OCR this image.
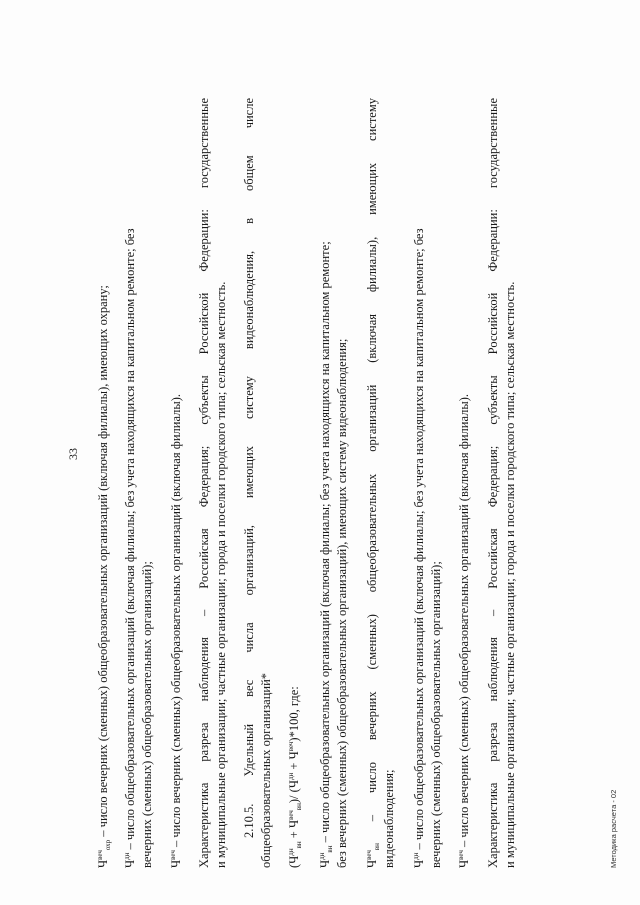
33
$Ч^{веч}_{охр}$ – число вечерних (сменных) общеобразовательных организаций (включая филиалы), имеющих охрану;
$Ч^{дн}$ – число общеобразовательных организаций (включая филиалы; без учета находящихся на капитальном ремонте; без вечерних (сменных) общеобразовательных организаций); $Ч^{веч}$ – число вечерних (сменных) общеобразовательных организаций (включая филиалы). Характеристика разреза наблюдения – Российская Федерация; субъекты Российской Федерации: государственные и муниципальные организации; частные организации; города и поселки городского типа; сельская местность. 2.10.5. Удельный вес числа организаций, имеющих систему видеонаблюдения, в общем числе общеобразовательных организаций* $(Ч^{дн}_{вн} + Ч^{веч}_{вн})/$ $(Ч^{дн} + Ч^{веч})*100$, где:
$Ч^{дн}_{вн}$ – число общеобразовательных организаций (включая филиалы; без учета находящихся на капитальном ремонте; без вечерних (сменных) общеобразовательных организаций), имеющих систему видеонаблюдения; $Ч^{веч}_{вн}$ – число вечерних (сменных) общеобразовательных организаций (включая филиалы), имеющих систему видеонаблюдения; $Ч^{дн}$ – число общеобразовательных организаций (включая филиалы; без учета находящихся на капитальном ремонте; без вечерних (сменных) общеобразовательных организаций); $Ч^{веч}$ – число вечерних (сменных) общеобразовательных организаций (включая филиалы). Характеристика разреза наблюдения – Российская Федерация; субъекты Российской Федерации: государственные и муниципальные организации; частные организации; города и поселки городского типа; сельская местность.	Методика расчета - 02
